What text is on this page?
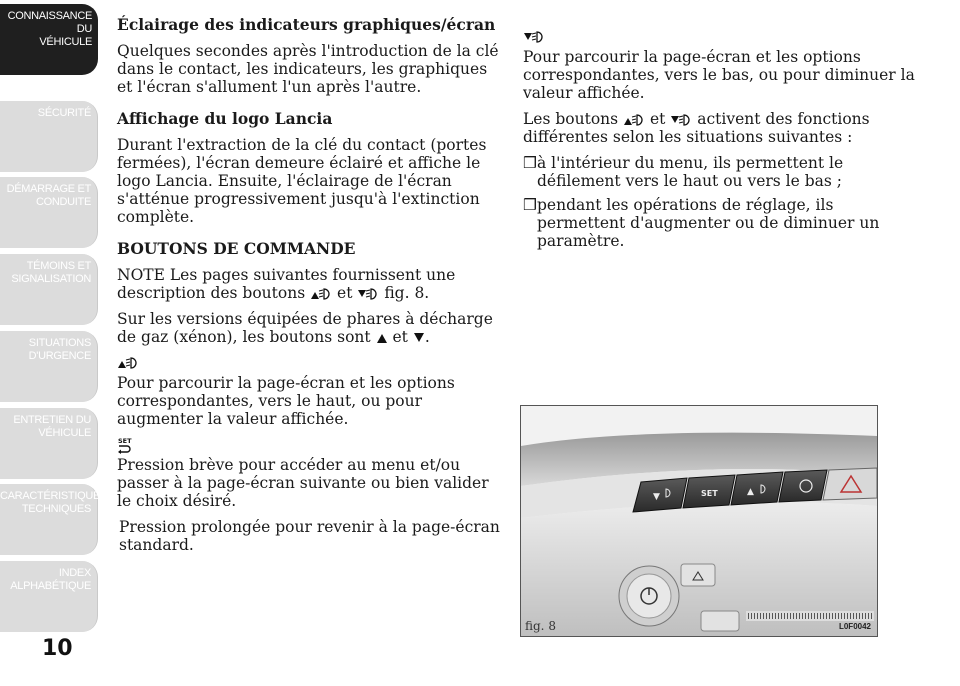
CONNAISSANCE DU
VÉHICULE
SÉCURITÉ
DÉMARRAGE ET
CONDUITE
TÉMOINS ET
SIGNALISATION
SITUATIONS
D'URGENCE
ENTRETIEN DU
VÉHICULE
CARACTÉRISTIQUES
TECHNIQUES
INDEX
ALPHABÉTIQUE
10

Éclairage des indicateurs graphiques/écran

Quelques secondes après l'introduction de la clé dans le contact, les indicateurs, les graphiques et l'écran s'allument l'un après l'autre.

Affichage du logo Lancia

Durant l'extraction de la clé du contact (portes fermées), l'écran demeure éclairé et affiche le logo Lancia. Ensuite, l'éclairage de l'écran s'atténue progressivement jusqu'à l'extinction complète.

BOUTONS DE COMMANDE

NOTE Les pages suivantes fournissent une description des boutons et fig. 8.

Sur les versions équipées de phares à décharge de gaz (xénon), les boutons sont et .

Pour parcourir la page-écran et les options correspondantes, vers le haut, ou pour augmenter la valeur affichée.

SET

Pression brève pour accéder au menu et/ou passer à la page-écran suivante ou bien valider le choix désiré.

Pression prolongée pour revenir à la page-écran standard.

Pour parcourir la page-écran et les options correspondantes, vers le bas, ou pour diminuer la valeur affichée.

Les boutons et activent des fonctions différentes selon les situations suivantes :

❒ à l'intérieur du menu, ils permettent le défilement vers le haut ou vers le bas ;
❒ pendant les opérations de réglage, ils permettent d'augmenter ou de diminuer un paramètre.
▼	SET	▲
fig. 8	L0F0042
